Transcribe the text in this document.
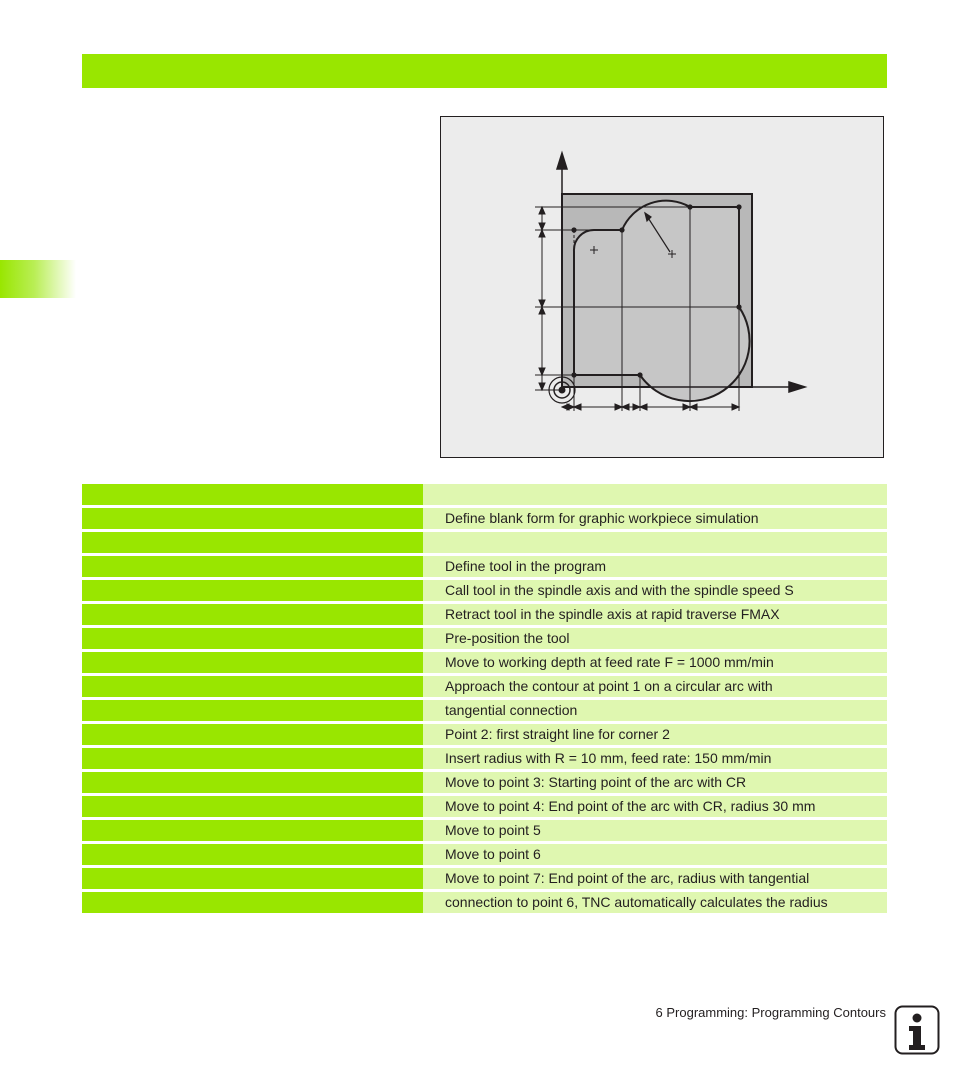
Define blank form for graphic workpiece simulation
Define tool in the program
Call tool in the spindle axis and with the spindle speed S
Retract tool in the spindle axis at rapid traverse FMAX
Pre-position the tool
Move to working depth at feed rate F = 1000 mm/min
Approach the contour at point 1 on a circular arc with
tangential connection
Point 2: first straight line for corner 2
Insert radius with R = 10 mm, feed rate: 150 mm/min
Move to point 3: Starting point of the arc with CR
Move to point 4: End point of the arc with CR, radius 30 mm
Move to point 5
Move to point 6
Move to point 7: End point of the arc, radius with tangential
connection to point 6, TNC automatically calculates the radius
6 Programming: Programming Contours
